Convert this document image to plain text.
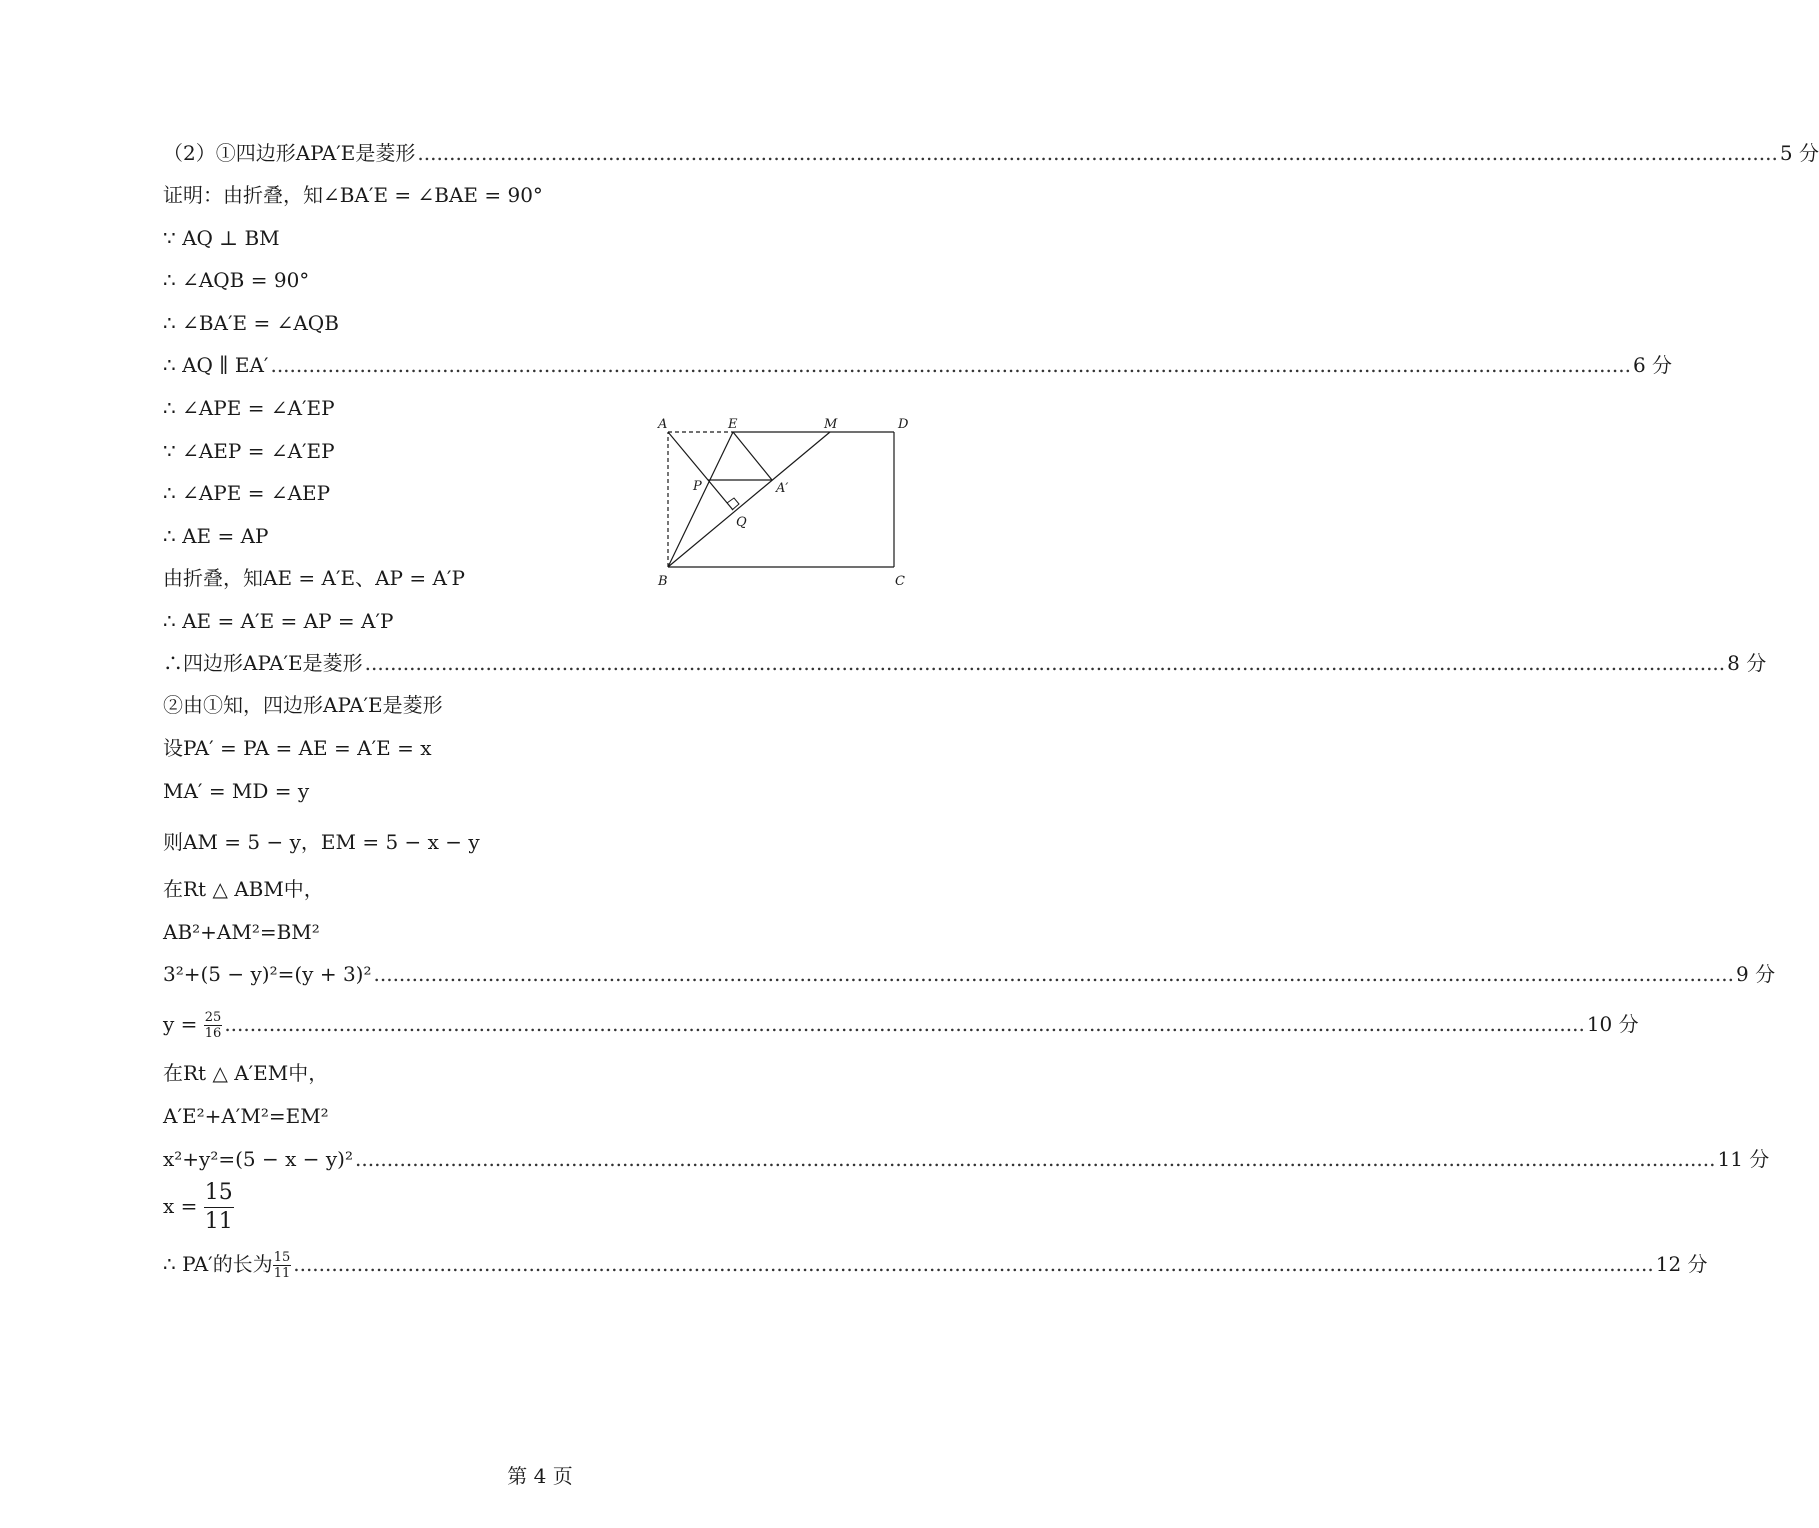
（2）①四边形APA′E是菱形 ...................................................................................................................................................................................................................... 5 分
证明：由折叠，知∠BA′E = ∠BAE = 90°
∵ AQ ⊥ BM
∴ ∠AQB = 90°
∴ ∠BA′E = ∠AQB
∴ AQ ∥ EA′ ...................................................................................................................................................................................................................... 6 分
∴ ∠APE = ∠A′EP
∵ ∠AEP = ∠A′EP
∴ ∠APE = ∠AEP
∴ AE = AP
由折叠，知AE = A′E、AP = A′P
∴ AE = A′E = AP = A′P
∴四边形APA′E是菱形 ...................................................................................................................................................................................................................... 8 分
②由①知，四边形APA′E是菱形
设PA′ = PA = AE = A′E = x
MA′ = MD = y
则AM = 5 − y，EM = 5 − x − y
在Rt △ ABM中，
AB²+AM²=BM²
3²+(5 − y)²=(y + 3)² ...................................................................................................................................................................................................................... 9 分
$y = \frac{25}{16}$ ...................................................................................................................................................................................................................... 10 分
在Rt △ A′EM中，
A′E²+A′M²=EM²
x²+y²=(5 − x − y)² ...................................................................................................................................................................................................................... 11 分
$x = \frac{15}{11}$
∴ PA′的长为 $\frac{15}{11}$ ...................................................................................................................................................................................................................... 12 分
A	E	M	D
P	A′
Q
B	C
第 4 页
